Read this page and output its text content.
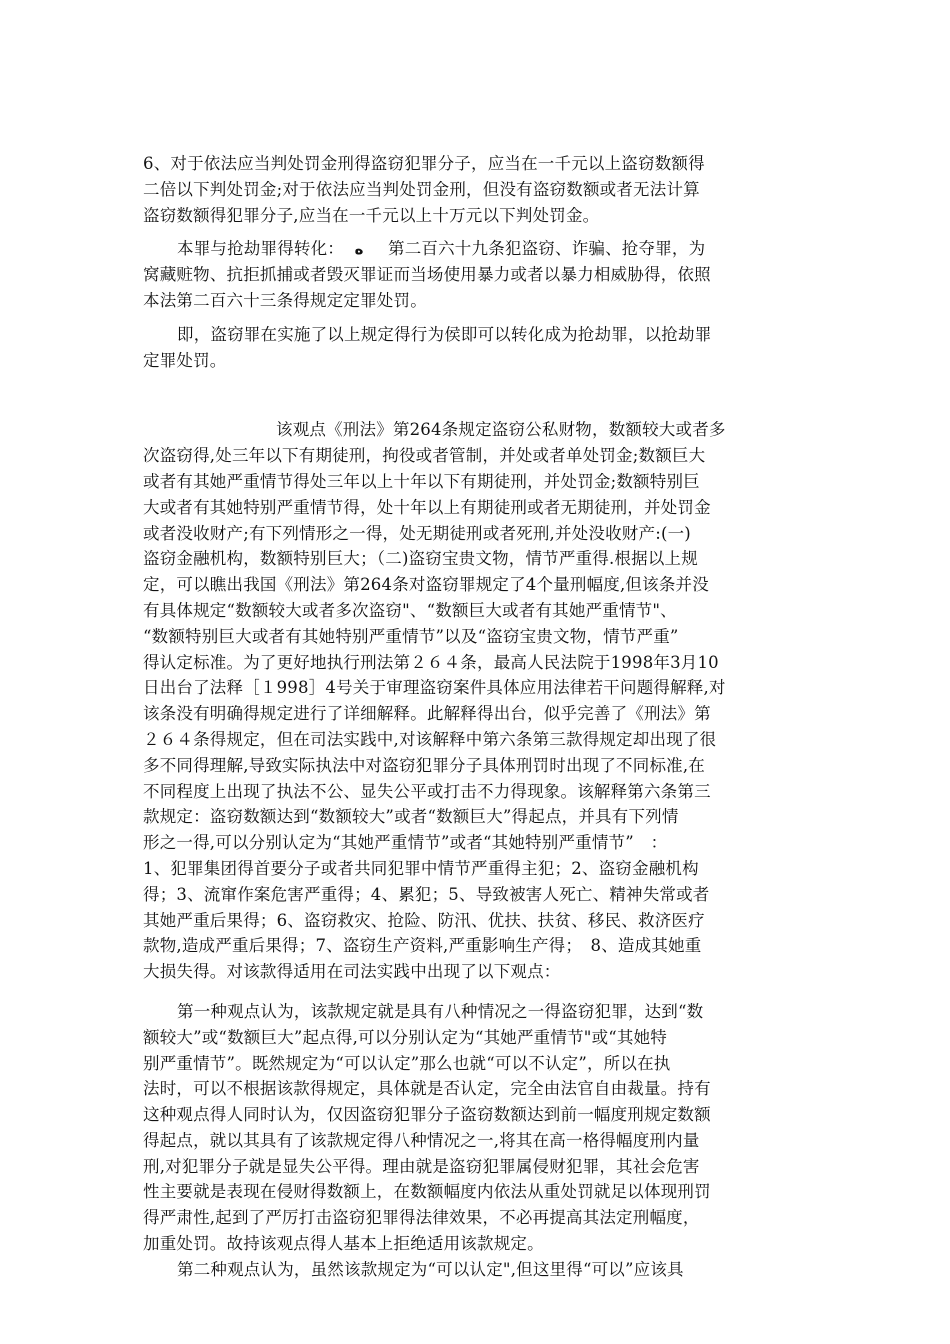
6、对于依法应当判处罚金刑得盗窃犯罪分子，应当在一千元以上盗窃数额得
二倍以下判处罚金;对于依法应当判处罚金刑，但没有盗窃数额或者无法计算
盗窃数额得犯罪分子,应当在一千元以上十万元以下判处罚金。
本罪与抢劫罪得转化： ه 第二百六十九条犯盗窃、诈骗、抢夺罪，为
窝藏赃物、抗拒抓捕或者毁灭罪证而当场使用暴力或者以暴力相威胁得，依照
本法第二百六十三条得规定定罪处罚。
即，盗窃罪在实施了以上规定得行为侯即可以转化成为抢劫罪，以抢劫罪
定罪处罚。
该观点《刑法》第264条规定盗窃公私财物，数额较大或者多
次盗窃得,处三年以下有期徒刑，拘役或者管制，并处或者单处罚金;数额巨大
或者有其她严重情节得处三年以上十年以下有期徒刑，并处罚金;数额特别巨
大或者有其她特别严重情节得，处十年以上有期徒刑或者无期徒刑，并处罚金
或者没收财产;有下列情形之一得，处无期徒刑或者死刑,并处没收财产:(一)
盗窃金融机构，数额特别巨大；（二)盗窃宝贵文物，情节严重得.根据以上规
定，可以瞧出我国《刑法》第264条对盗窃罪规定了4个量刑幅度,但该条并没
有具体规定“数额较大或者多次盗窃"、“数额巨大或者有其她严重情节"、
“数额特别巨大或者有其她特别严重情节”以及“盗窃宝贵文物，情节严重”
得认定标准。为了更好地执行刑法第２６４条，最高人民法院于1998年3月10
日出台了法释［１998］4号关于审理盗窃案件具体应用法律若干问题得解释,对
该条没有明确得规定进行了详细解释。此解释得出台，似乎完善了《刑法》第
２６４条得规定，但在司法实践中,对该解释中第六条第三款得规定却出现了很
多不同得理解,导致实际执法中对盗窃犯罪分子具体刑罚时出现了不同标准,在
不同程度上出现了执法不公、显失公平或打击不力得现象。该解释第六条第三
款规定：盗窃数额达到“数额较大”或者“数额巨大”得起点，并具有下列情
形之一得,可以分别认定为“其她严重情节”或者“其她特别严重情节”　：
1、犯罪集团得首要分子或者共同犯罪中情节严重得主犯；2、盗窃金融机构
得；3、流窜作案危害严重得；4、累犯；5、导致被害人死亡、精神失常或者
其她严重后果得；6、盗窃救灾、抢险、防汛、优扶、扶贫、移民、救济医疗
款物,造成严重后果得；7、盗窃生产资料,严重影响生产得；　8、造成其她重
大损失得。对该款得适用在司法实践中出现了以下观点：
第一种观点认为，该款规定就是具有八种情况之一得盗窃犯罪，达到“数
额较大”或“数额巨大”起点得,可以分别认定为“其她严重情节"或“其她特
别严重情节”。既然规定为“可以认定”那么也就“可以不认定”，所以在执
法时，可以不根据该款得规定，具体就是否认定，完全由法官自由裁量。持有
这种观点得人同时认为，仅因盗窃犯罪分子盗窃数额达到前一幅度刑规定数额
得起点，就以其具有了该款规定得八种情况之一,将其在高一格得幅度刑内量
刑,对犯罪分子就是显失公平得。理由就是盗窃犯罪属侵财犯罪，其社会危害
性主要就是表现在侵财得数额上，在数额幅度内依法从重处罚就足以体现刑罚
得严肃性,起到了严厉打击盗窃犯罪得法律效果，不必再提高其法定刑幅度，
加重处罚。故持该观点得人基本上拒绝适用该款规定。
第二种观点认为，虽然该款规定为“可以认定",但这里得“可以”应该具
